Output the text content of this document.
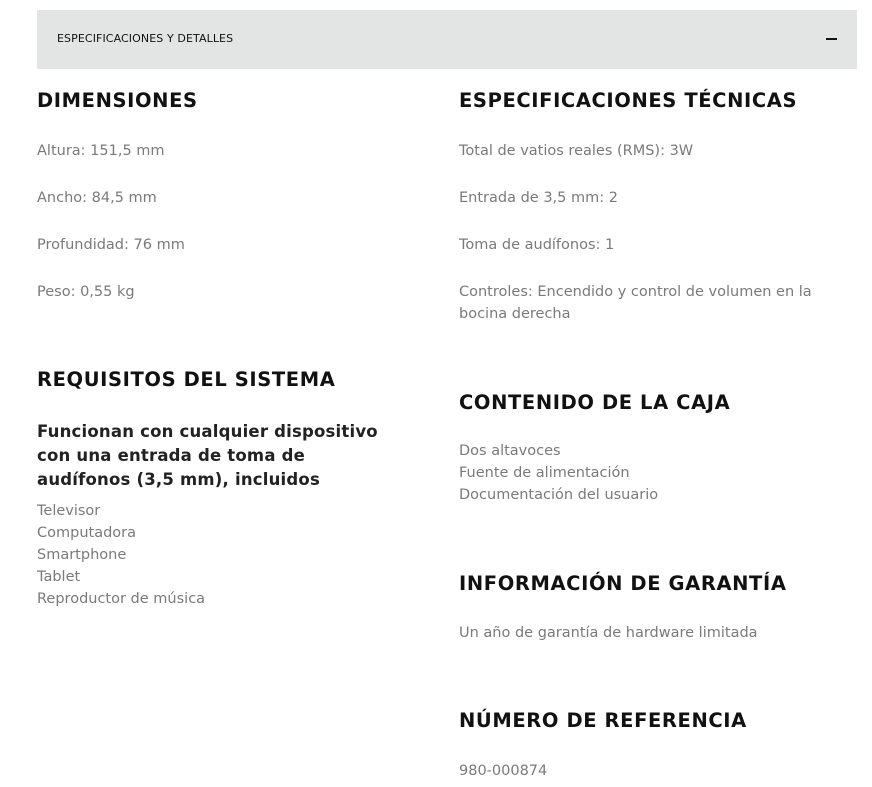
ESPECIFICACIONES Y DETALLES
DIMENSIONES
Altura: 151,5 mm
Ancho: 84,5 mm
Profundidad: 76 mm
Peso: 0,55 kg
REQUISITOS DEL SISTEMA
Funcionan con cualquier dispositivo con una entrada de toma de audífonos (3,5 mm), incluidos
Televisor
Computadora
Smartphone
Tablet
Reproductor de música
ESPECIFICACIONES TÉCNICAS
Total de vatios reales (RMS): 3W
Entrada de 3,5 mm: 2
Toma de audífonos: 1
Controles: Encendido y control de volumen en la bocina derecha
CONTENIDO DE LA CAJA
Dos altavoces
Fuente de alimentación
Documentación del usuario
INFORMACIÓN DE GARANTÍA
Un año de garantía de hardware limitada
NÚMERO DE REFERENCIA
980-000874
